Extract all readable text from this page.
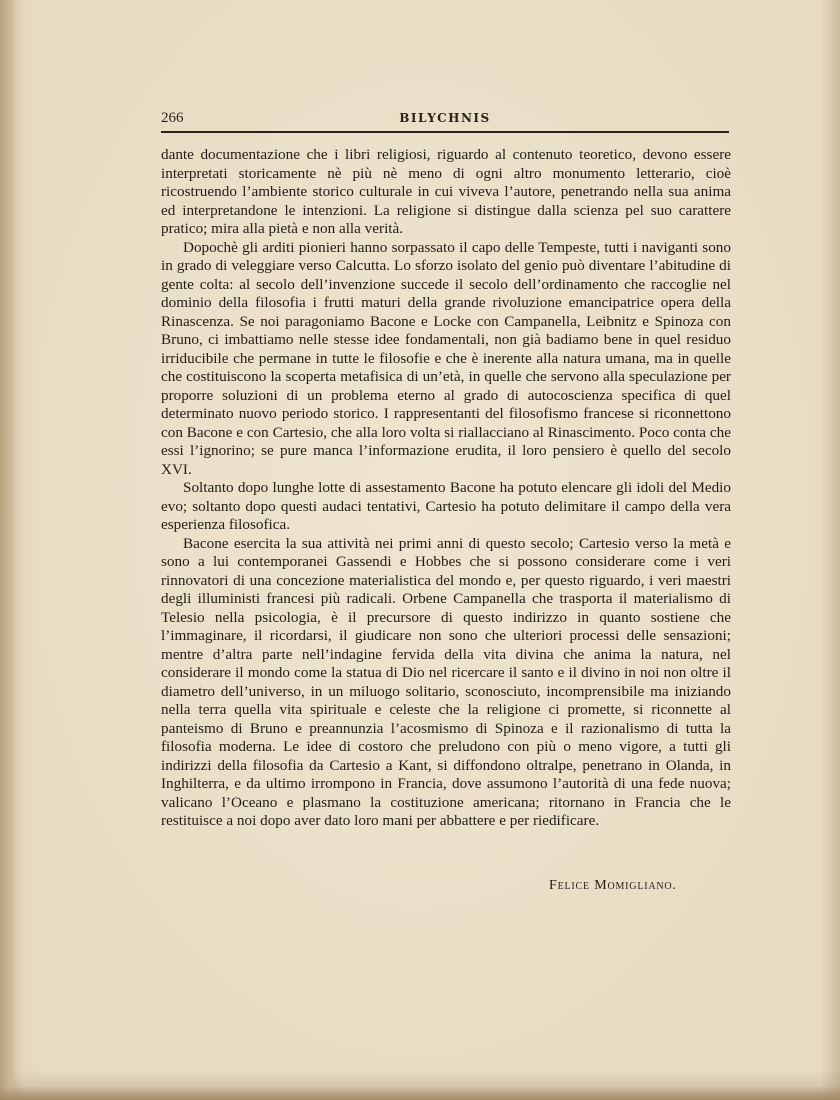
266	BILYCHNIS

dante documentazione che i libri religiosi, riguardo al contenuto teoretico, devono essere interpretati storicamente nè più nè meno di ogni altro monumento letterario, cioè ricostruendo l’ambiente storico culturale in cui viveva l’autore, penetrando nella sua anima ed interpretandone le intenzioni. La religione si distingue dalla scienza pel suo carattere pratico; mira alla pietà e non alla verità.

Dopochè gli arditi pionieri hanno sorpassato il capo delle Tempeste, tutti i naviganti sono in grado di veleggiare verso Calcutta. Lo sforzo isolato del genio può diventare l’abitudine di gente colta: al secolo dell’invenzione succede il secolo dell’ordinamento che raccoglie nel dominio della filosofia i frutti maturi della grande rivoluzione emancipatrice opera della Rinascenza. Se noi paragoniamo Bacone e Locke con Campanella, Leibnitz e Spinoza con Bruno, ci imbattiamo nelle stesse idee fondamentali, non già badiamo bene in quel residuo irriducibile che permane in tutte le filosofie e che è inerente alla natura umana, ma in quelle che costituiscono la scoperta metafisica di un’età, in quelle che servono alla speculazione per proporre soluzioni di un problema eterno al grado di autocoscienza specifica di quel determinato nuovo periodo storico. I rappresentanti del filosofismo francese si riconnettono con Bacone e con Cartesio, che alla loro volta si riallacciano al Rinascimento. Poco conta che essi l’ignorino; se pure manca l’informazione erudita, il loro pensiero è quello del secolo XVI.

Soltanto dopo lunghe lotte di assestamento Bacone ha potuto elencare gli idoli del Medio evo; soltanto dopo questi audaci tentativi, Cartesio ha potuto delimitare il campo della vera esperienza filosofica.

Bacone esercita la sua attività nei primi anni di questo secolo; Cartesio verso la metà e sono a lui contemporanei Gassendi e Hobbes che si possono considerare come i veri rinnovatori di una concezione materialistica del mondo e, per questo riguardo, i veri maestri degli illuministi francesi più radicali. Orbene Campanella che trasporta il materialismo di Telesio nella psicologia, è il precursore di questo indirizzo in quanto sostiene che l’immaginare, il ricordarsi, il giudicare non sono che ulteriori processi delle sensazioni; mentre d’altra parte nell’indagine fervida della vita divina che anima la natura, nel considerare il mondo come la statua di Dio nel ricercare il santo e il divino in noi non oltre il diametro dell’universo, in un miluogo solitario, sconosciuto, incomprensibile ma iniziando nella terra quella vita spirituale e celeste che la religione ci promette, si riconnette al panteismo di Bruno e preannunzia l’acosmismo di Spinoza e il razionalismo di tutta la filosofia moderna. Le idee di costoro che preludono con più o meno vigore, a tutti gli indirizzi della filosofia da Cartesio a Kant, si diffondono oltralpe, penetrano in Olanda, in Inghilterra, e da ultimo irrompono in Francia, dove assumono l’autorità di una fede nuova; valicano l’Oceano e plasmano la costituzione americana; ritornano in Francia che le restituisce a noi dopo aver dato loro mani per abbattere e per riedificare.

Felice Momigliano.
